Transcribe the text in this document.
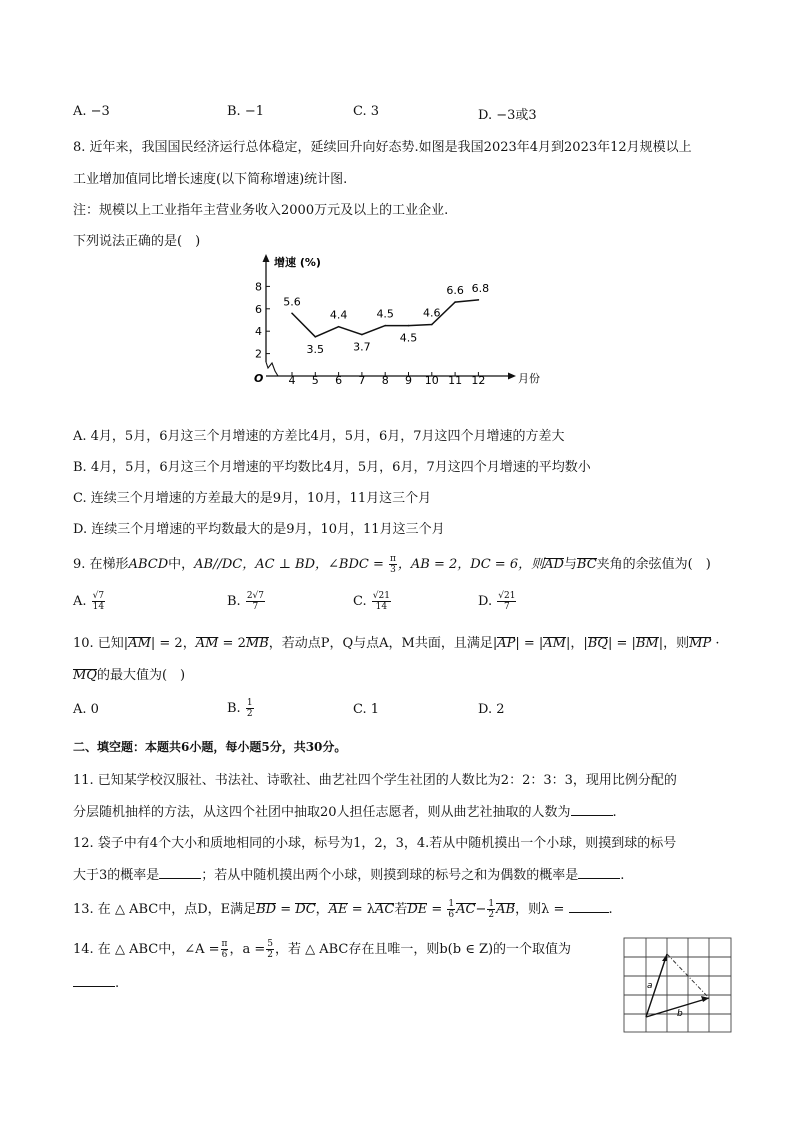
A. −3	B. −1	C. 3	D. −3或3
8. 近年来，我国国民经济运行总体稳定，延续回升向好态势.如图是我国2023年4月到2023年12月规模以上
工业增加值同比增长速度(以下简称增速)统计图.
注：规模以上工业指年主营业务收入2000万元及以上的工业企业.
下列说法正确的是(　)
2
4
6
8
O
增速 (%)
月份
4 5 6 7 8 9 10 11 12
5.6
3.5
4.4
3.7
4.5
4.5
4.6
6.6 6.8
A. 4月，5月，6月这三个月增速的方差比4月，5月，6月，7月这四个月增速的方差大
B. 4月，5月，6月这三个月增速的平均数比4月，5月，6月，7月这四个月增速的平均数小
C. 连续三个月增速的方差最大的是9月，10月，11月这三个月
D. 连续三个月增速的平均数最大的是9月，10月，11月这三个月
9. 在梯形ABCD中，AB//DC，AC ⊥ BD，∠BDC = $\frac{\pi}{3}$ ，AB = 2，DC = 6，则AD与BC夹角的余弦值为(　)
A. $\frac{√7}{14}$	B. $\frac{2√7}{7}$	C. $\frac{√21}{14}$	D. $\frac{√21}{7}$
10. 已知|AM| = 2，AM = 2MB，若动点P，Q与点A，M共面，且满足|AP| = |AM|，|BQ| = |BM|，则MP ·
MQ的最大值为(　)
A. 0	B. $\frac{1}{2}$	C. 1	D. 2
二、填空题：本题共6小题，每小题5分，共30分。
11. 已知某学校汉服社、书法社、诗歌社、曲艺社四个学生社团的人数比为2：2：3：3，现用比例分配的
分层随机抽样的方法，从这四个社团中抽取20人担任志愿者，则从曲艺社抽取的人数为	.
12. 袋子中有4个大小和质地相同的小球，标号为1，2，3，4.若从中随机摸出一个小球，则摸到球的标号
大于3的概率是	；若从中随机摸出两个小球，则摸到球的标号之和为偶数的概率是	.
13. 在 △ ABC中，点D，E满足BD = DC，AE = λAC若DE = $\frac{1}{6} AC- \frac{1}{2}$ AB，则λ =	.
14. 在 △ ABC中，∠A = $\frac{\pi}{6}$ ，$a = \frac{5}{2}$ ，若 △ ABC存在且唯一，则b(b ∈ Z)的一个取值为
.	a
b
